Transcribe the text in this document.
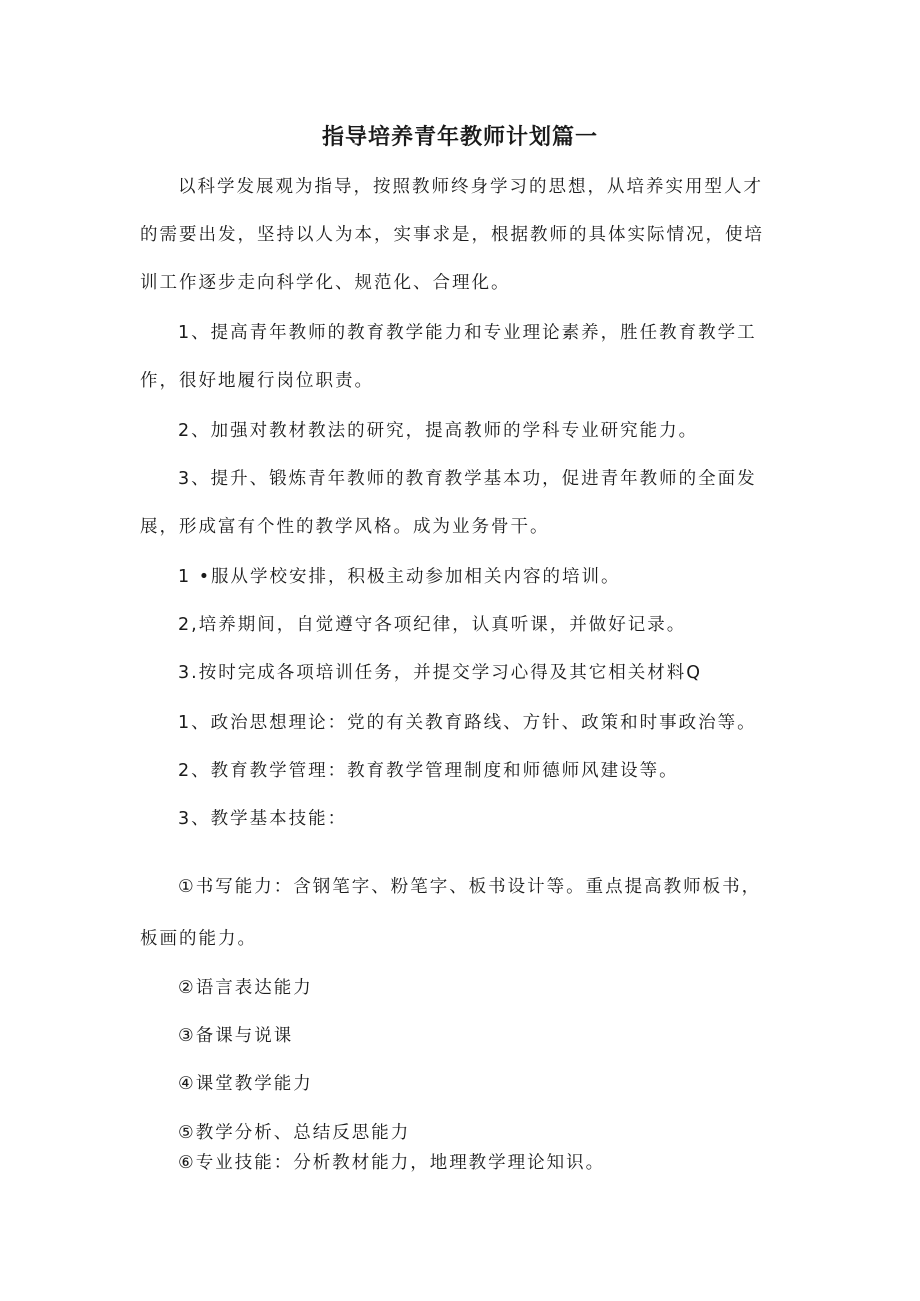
指导培养青年教师计划篇一
以科学发展观为指导，按照教师终身学习的思想，从培养实用型人才
的需要出发，坚持以人为本，实事求是，根据教师的具体实际情况，使培
训工作逐步走向科学化、规范化、合理化。
1、提高青年教师的教育教学能力和专业理论素养，胜任教育教学工
作，很好地履行岗位职责。
2、加强对教材教法的研究，提高教师的学科专业研究能力。
3、提升、锻炼青年教师的教育教学基本功，促进青年教师的全面发
展，形成富有个性的教学风格。成为业务骨干。
1 •服从学校安排，积极主动参加相关内容的培训。
2,培养期间，自觉遵守各项纪律，认真听课，并做好记录。
3.按时完成各项培训任务，并提交学习心得及其它相关材料Q
1、政治思想理论：党的有关教育路线、方针、政策和时事政治等。
2、教育教学管理：教育教学管理制度和师德师风建设等。
3、教学基本技能：
①书写能力：含钢笔字、粉笔字、板书设计等。重点提高教师板书，
板画的能力。
②语言表达能力
③备课与说课
④课堂教学能力
⑤教学分析、总结反思能力
⑥专业技能：分析教材能力，地理教学理论知识。
